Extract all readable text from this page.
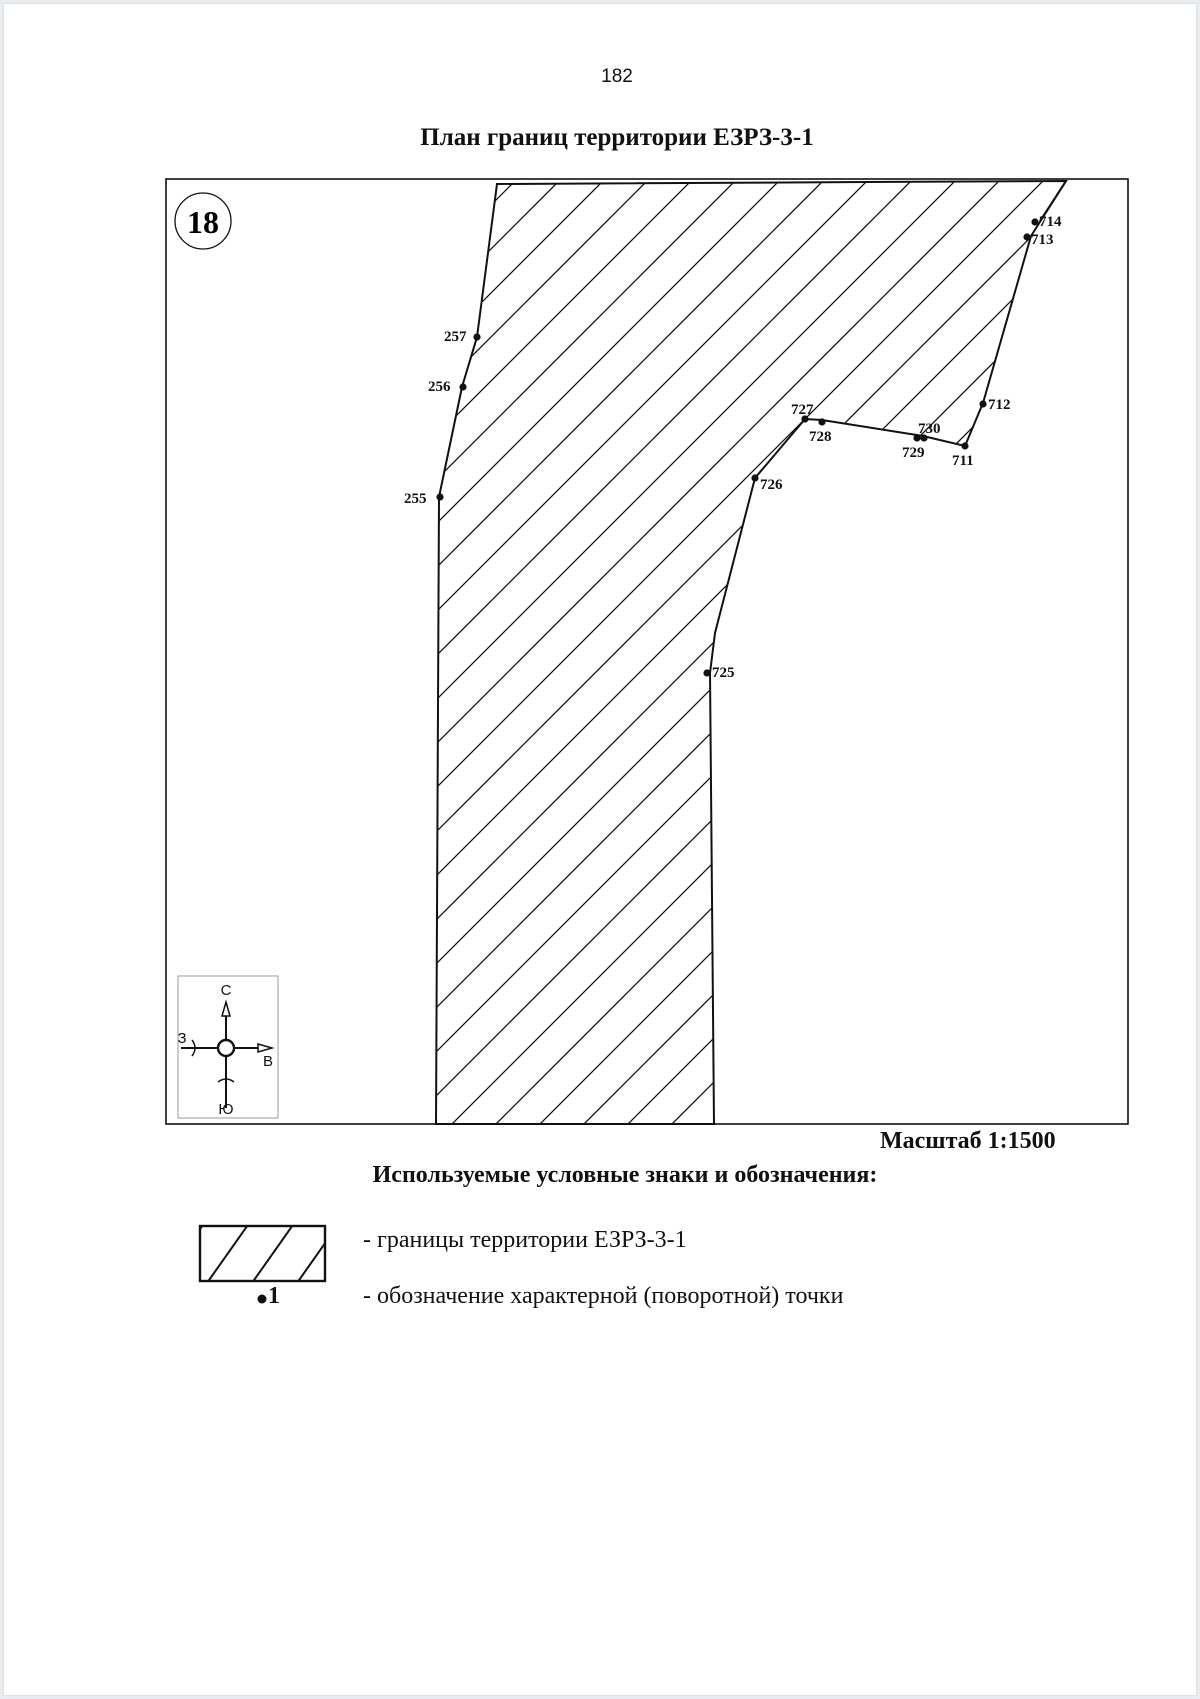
182
План границ территории ЕЗРЗ-3-1
18
255
256
257
714
713
712
711
729
730
728
727
726
725
С
Ю
З
В
Масштаб 1:1500
Используемые условные знаки и обозначения:
- границы территории ЕЗРЗ-3-1
1	- обозначение характерной (поворотной) точки
